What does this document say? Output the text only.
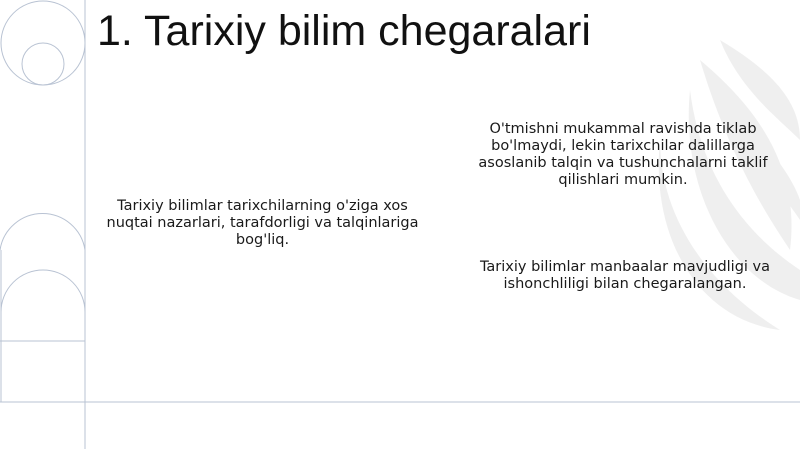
1. Tarixiy bilim chegaralari

Tarixiy bilimlar tarixchilarning o'ziga xos nuqtai nazarlari, tarafdorligi va talqinlariga bog'liq.

O'tmishni mukammal ravishda tiklab bo'lmaydi, lekin tarixchilar dalillarga asoslanib talqin va tushunchalarni taklif qilishlari mumkin.

Tarixiy bilimlar manbaalar mavjudligi va ishonchliligi bilan chegaralangan.
